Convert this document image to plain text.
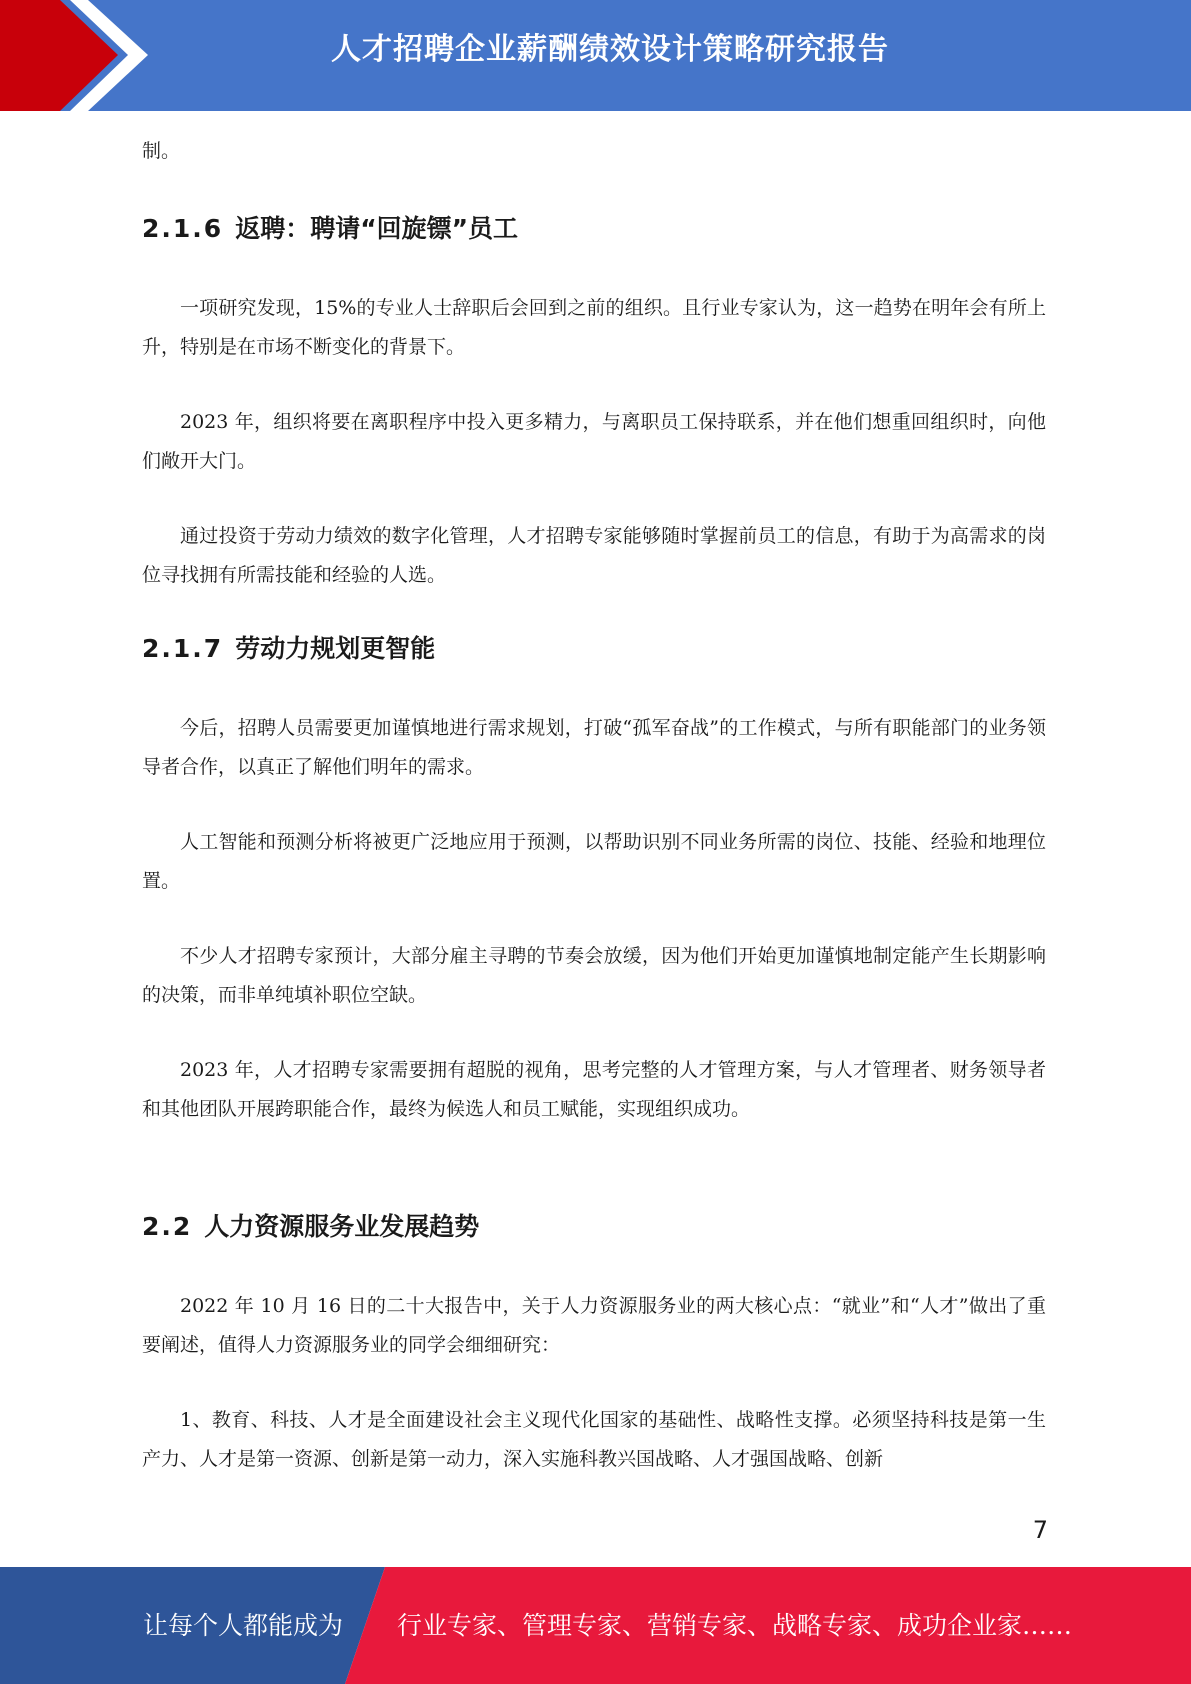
人才招聘企业薪酬绩效设计策略研究报告

制。

2.1.6 返聘：聘请“回旋镖”员工

一项研究发现，15%的专业人士辞职后会回到之前的组织。且行业专家认为，这一趋势在明年会有所上升，特别是在市场不断变化的背景下。

2023 年，组织将要在离职程序中投入更多精力，与离职员工保持联系，并在他们想重回组织时，向他们敞开大门。

通过投资于劳动力绩效的数字化管理，人才招聘专家能够随时掌握前员工的信息，有助于为高需求的岗位寻找拥有所需技能和经验的人选。

2.1.7 劳动力规划更智能

今后，招聘人员需要更加谨慎地进行需求规划，打破“孤军奋战”的工作模式，与所有职能部门的业务领导者合作，以真正了解他们明年的需求。

人工智能和预测分析将被更广泛地应用于预测，以帮助识别不同业务所需的岗位、技能、经验和地理位置。

不少人才招聘专家预计，大部分雇主寻聘的节奏会放缓，因为他们开始更加谨慎地制定能产生长期影响的决策，而非单纯填补职位空缺。

2023 年，人才招聘专家需要拥有超脱的视角，思考完整的人才管理方案，与人才管理者、财务领导者和其他团队开展跨职能合作，最终为候选人和员工赋能，实现组织成功。

2.2 人力资源服务业发展趋势

2022 年 10 月 16 日的二十大报告中，关于人力资源服务业的两大核心点：“就业”和“人才”做出了重要阐述，值得人力资源服务业的同学会细细研究：

1、教育、科技、人才是全面建设社会主义现代化国家的基础性、战略性支撑。必须坚持科技是第一生产力、人才是第一资源、创新是第一动力，深入实施科教兴国战略、人才强国战略、创新

7
让每个人都能成为 行业专家、管理专家、营销专家、战略专家、成功企业家……
